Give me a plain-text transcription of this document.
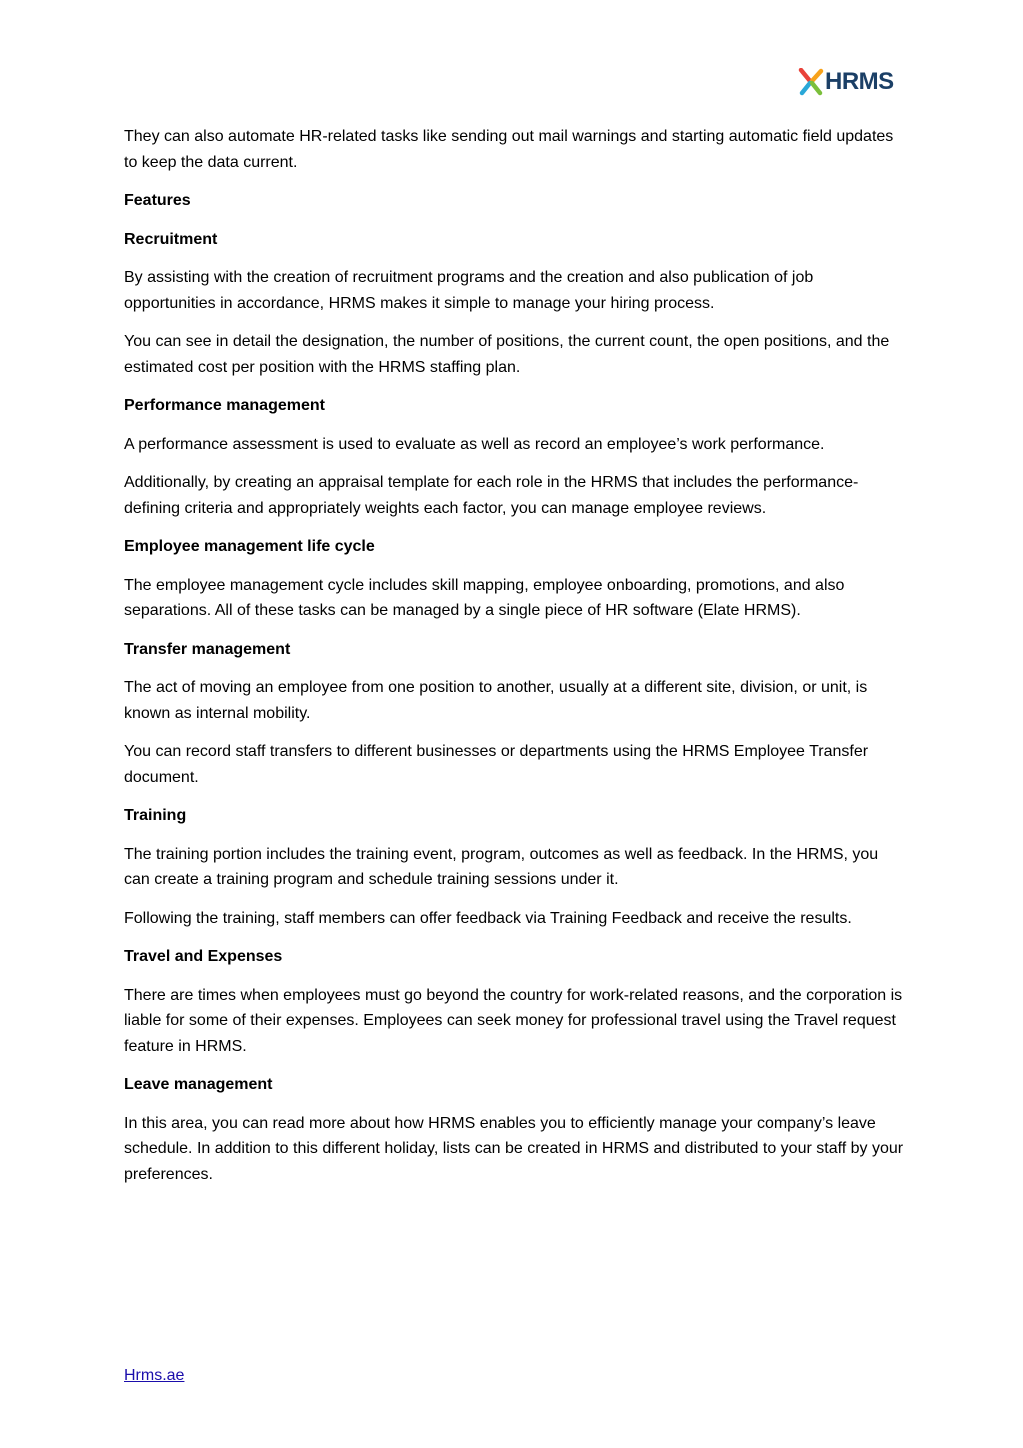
HRMS

They can also automate HR-related tasks like sending out mail warnings and starting automatic field updates to keep the data current.

Features

Recruitment

By assisting with the creation of recruitment programs and the creation and also publication of job opportunities in accordance, HRMS makes it simple to manage your hiring process.

You can see in detail the designation, the number of positions, the current count, the open positions, and the estimated cost per position with the HRMS staffing plan.

Performance management

A performance assessment is used to evaluate as well as record an employee’s work performance.

Additionally, by creating an appraisal template for each role in the HRMS that includes the performance-defining criteria and appropriately weights each factor, you can manage employee reviews.

Employee management life cycle

The employee management cycle includes skill mapping, employee onboarding, promotions, and also separations. All of these tasks can be managed by a single piece of HR software (Elate HRMS).

Transfer management

The act of moving an employee from one position to another, usually at a different site, division, or unit, is known as internal mobility.

You can record staff transfers to different businesses or departments using the HRMS Employee Transfer document.

Training

The training portion includes the training event, program, outcomes as well as feedback. In the HRMS, you can create a training program and schedule training sessions under it.

Following the training, staff members can offer feedback via Training Feedback and receive the results.

Travel and Expenses

There are times when employees must go beyond the country for work-related reasons, and the corporation is liable for some of their expenses. Employees can seek money for professional travel using the Travel request feature in HRMS.

Leave management

In this area, you can read more about how HRMS enables you to efficiently manage your company’s leave schedule. In addition to this different holiday, lists can be created in HRMS and distributed to your staff by your preferences.

Hrms.ae
